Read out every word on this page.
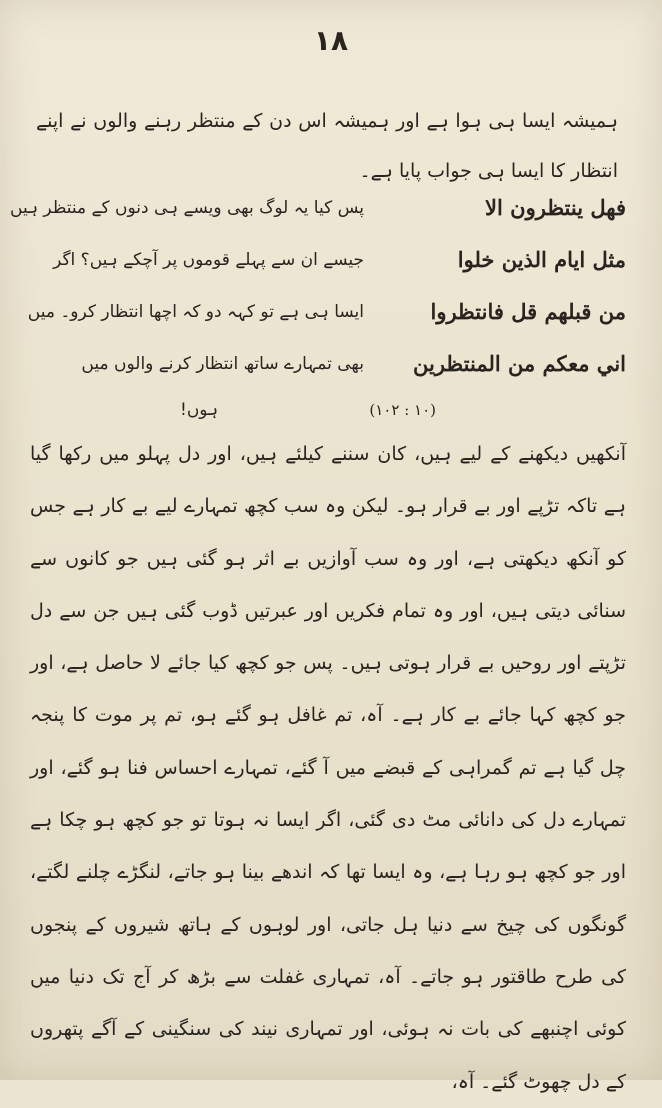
۱۸
ہمیشہ ایسا ہی ہوا ہے اور ہمیشہ اس دن کے منتظر رہنے والوں نے اپنے انتظار کا ایسا ہی جواب پایا ہے۔
فهل ينتظرون الا
مثل ايام الذين خلوا
من قبلهم قل فانتظروا
اني معكم من المنتظرين
پس کیا یہ لوگ بھی ویسے ہی دنوں کے منتظر ہیں
جیسے ان سے پہلے قوموں پر آچکے ہیں؟ اگر
ایسا ہی ہے تو کہہ دو کہ اچھا انتظار کرو۔ میں
بھی تمہارے ساتھ انتظار کرنے والوں میں
ہوں!	(۱۰ : ۱۰۲)
آنکھیں دیکھنے کے لیے ہیں، کان سننے کیلئے ہیں، اور دل پہلو میں رکھا گیا ہے تاکہ تڑپے اور بے قرار ہو۔ لیکن وہ سب کچھ تمہارے لیے بے کار ہے جس کو آنکھ دیکھتی ہے، اور وہ سب آوازیں بے اثر ہو گئی ہیں جو کانوں سے سنائی دیتی ہیں، اور وہ تمام فکریں اور عبرتیں ڈوب گئی ہیں جن سے دل تڑپتے اور روحیں بے قرار ہوتی ہیں۔ پس جو کچھ کیا جائے لا حاصل ہے، اور جو کچھ کہا جائے بے کار ہے۔ آہ، تم غافل ہو گئے ہو، تم پر موت کا پنجہ چل گیا ہے تم گمراہی کے قبضے میں آ گئے، تمہارے احساس فنا ہو گئے، اور تمہارے دل کی دانائی مٹ دی گئی، اگر ایسا نہ ہوتا تو جو کچھ ہو چکا ہے اور جو کچھ ہو رہا ہے، وہ ایسا تھا کہ اندھے بینا ہو جاتے، لنگڑے چلنے لگتے، گونگوں کی چیخ سے دنیا ہل جاتی، اور لوہوں کے ہاتھ شیروں کے پنجوں کی طرح طاقتور ہو جاتے۔ آہ، تمہاری غفلت سے بڑھ کر آج تک دنیا میں کوئی اچنبھے کی بات نہ ہوئی، اور تمہاری نیند کی سنگینی کے آگے پتھروں کے دل چھوٹ گئے۔ آہ،
